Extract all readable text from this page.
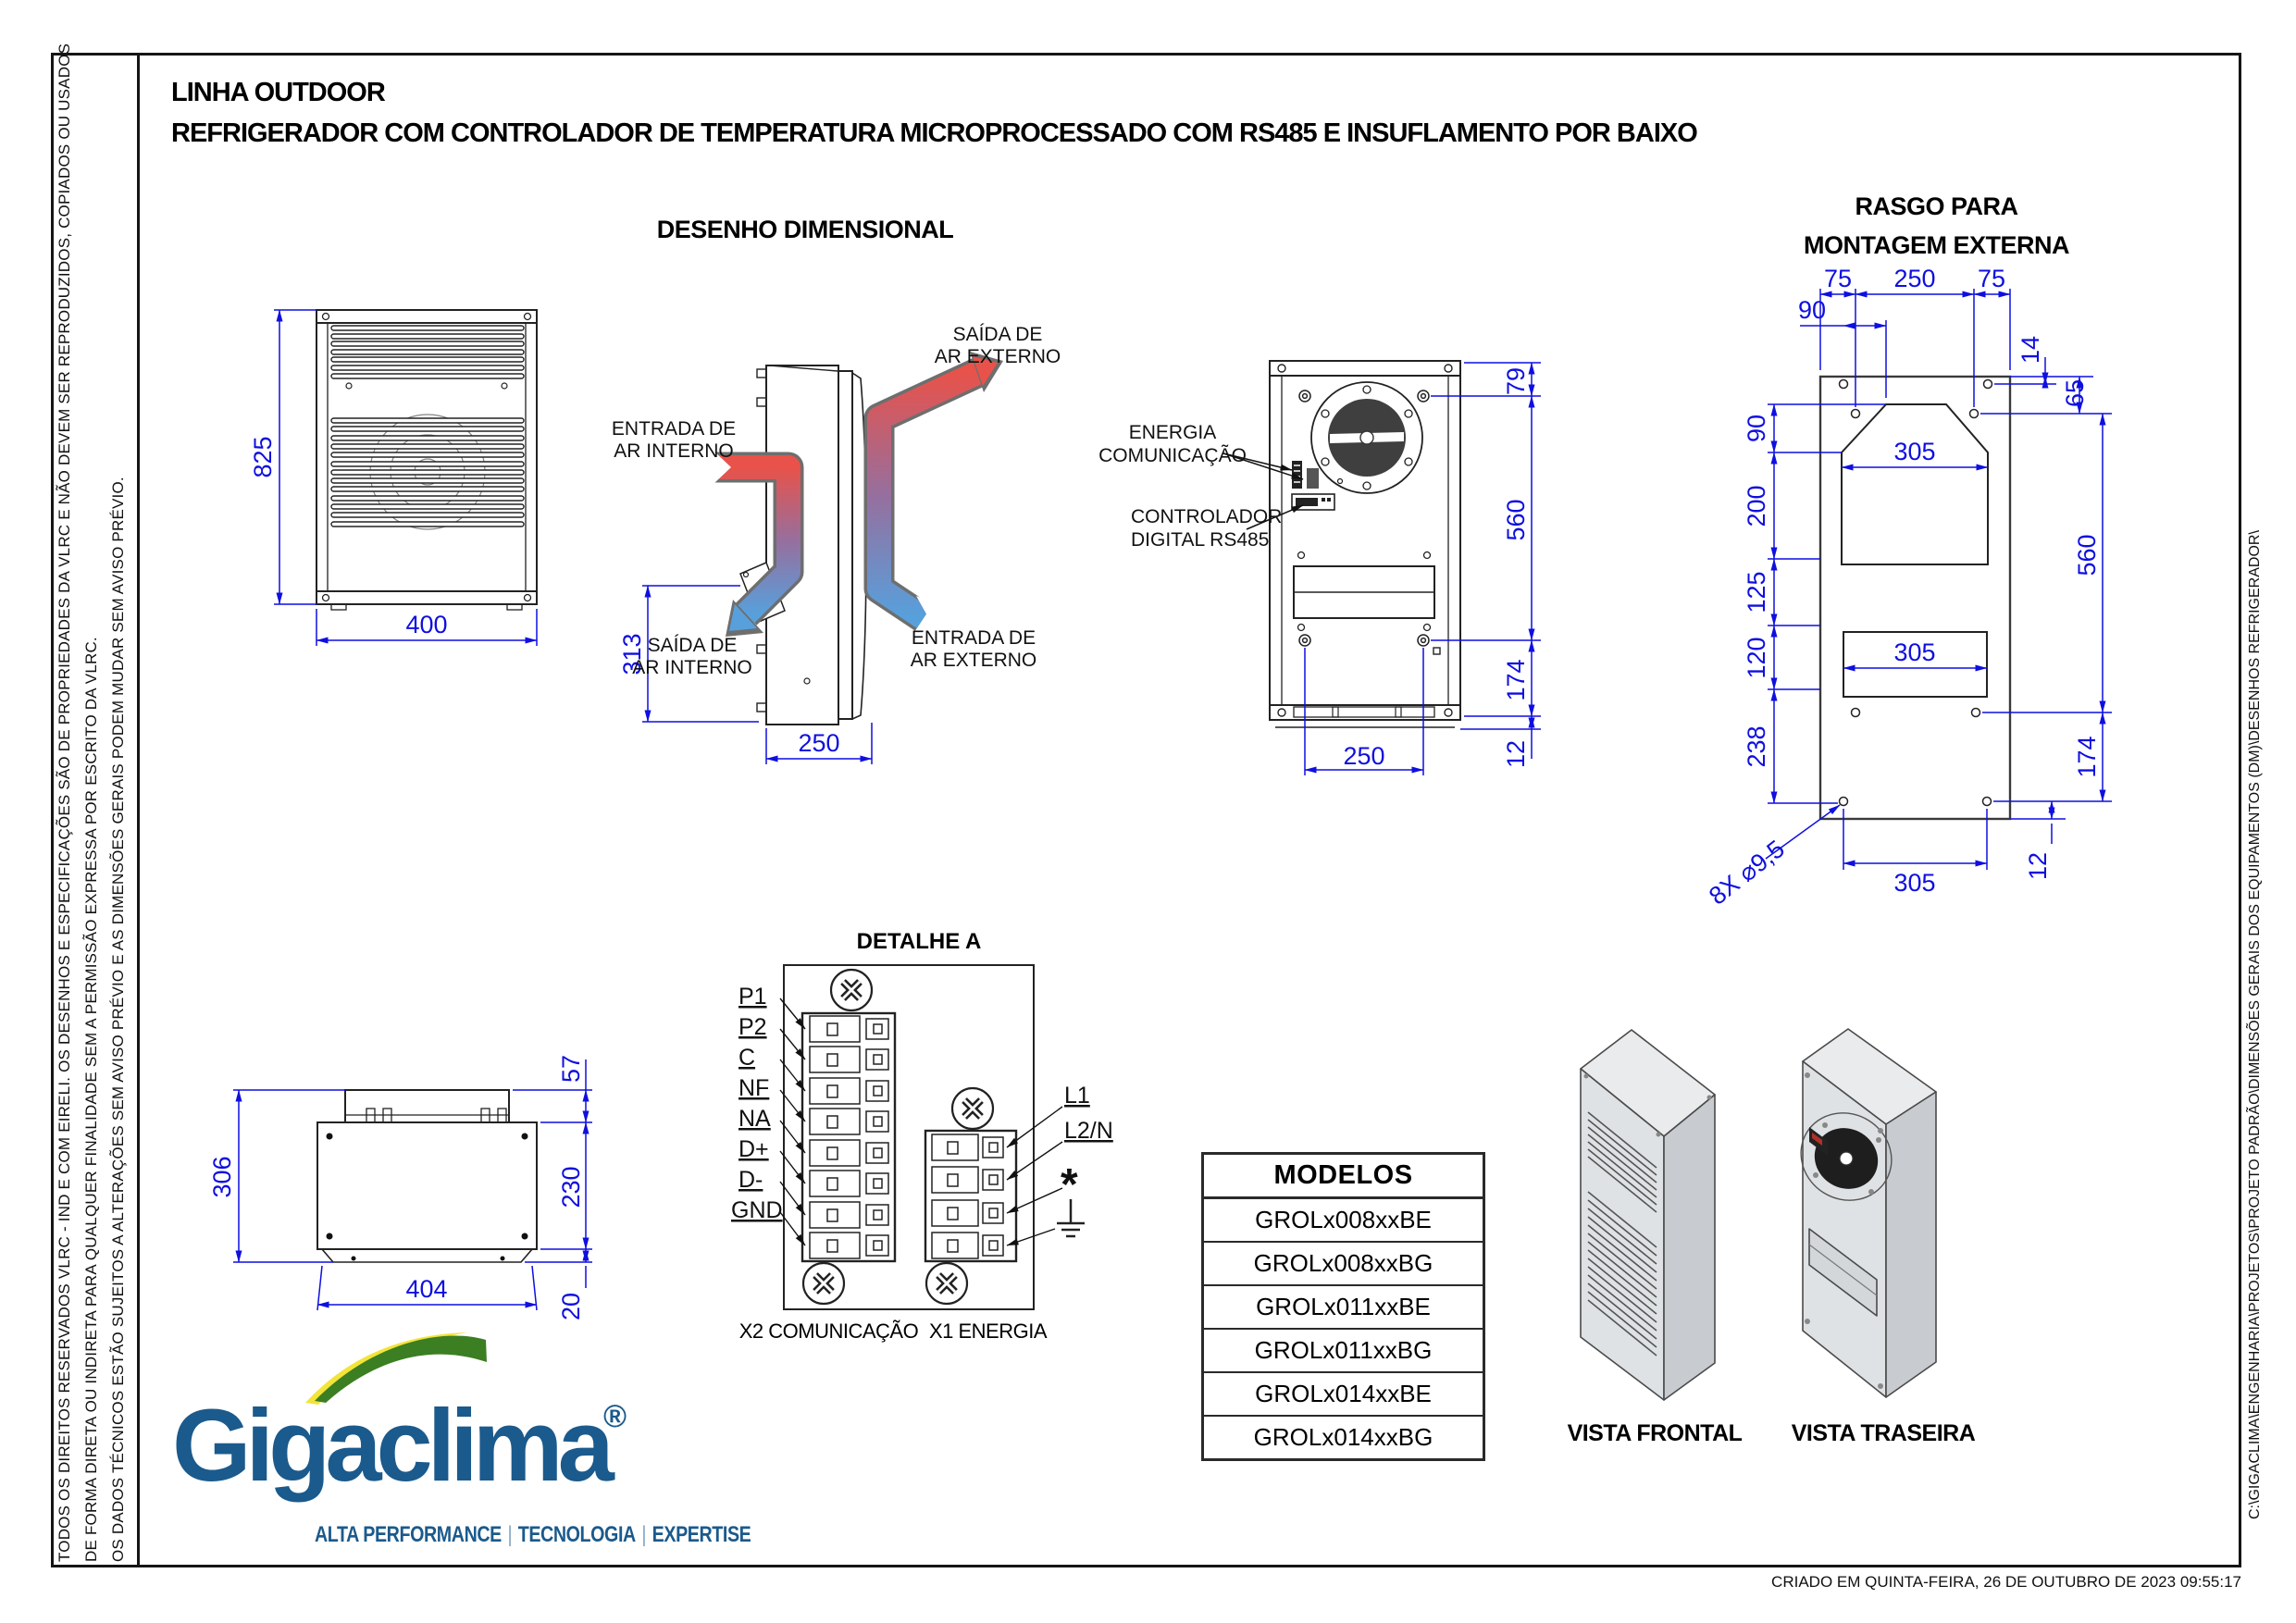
TODOS OS DIREITOS RESERVADOS VLRC - IND E COM EIRELI. OS DESENHOS E ESPECIFICAÇÕES SÃO DE PROPRIEDADES DA VLRC E NÃO DEVEM SER REPRODUZIDOS, COPIADOS OU USADOS DE FORMA DIRETA OU INDIRETA PARA QUALQUER FINALIDADE SEM A PERMISSÃO EXPRESSA POR ESCRITO DA VLRC. OS DADOS TÉCNICOS ESTÃO SUJEITOS A ALTERAÇÕES SEM AVISO PRÉVIO E AS DIMENSÕES GERAIS PODEM MUDAR SEM AVISO PRÉVIO.	C:\GIGACLIMA\ENGENHARIA\PROJETOS\PROJETO PADRÃO\DIMENSÕES GERAIS DOS EQUIPAMENTOS (DM)\DESENHOS REFRIGERADOR\
CRIADO EM QUINTA-FEIRA, 26 DE OUTUBRO DE 2023 09:55:17
LINHA OUTDOOR
REFRIGERADOR COM CONTROLADOR DE TEMPERATURA MICROPROCESSADO COM RS485 E INSUFLAMENTO POR BAIXO
DESENHO DIMENSIONAL
RASGO PARA
MONTAGEM EXTERNA
DETALHE A
X2 COMUNICAÇÃO X1 ENERGIA
VISTA FRONTAL	VISTA TRASEIRA
MODELOS
GROLx008xxBE
GROLx008xxBG
GROLx011xxBE
GROLx011xxBG
GROLx014xxBE
GROLx014xxBG
Gigaclima
®
ALTA PERFORMANCE | TECNOLOGIA | EXPERTISE
825
400
313
250
SAÍDA DE
AR EXTERNO
ENTRADA DE
AR INTERNO
SAÍDA DE
AR INTERNO
ENTRADA DE
AR EXTERNO
ENERGIA
COMUNICAÇÃO
CONTROLADOR
DIGITAL RS485
79
560
174
12
250
75 250 75
90
14
65
90
305
200
125
120
238
560
305
174
12
305
8X ⌀9,5
306
404
57
230
20
P1
P2
C
NF
NA
D+
D-
GND
L1
L2/N
*
